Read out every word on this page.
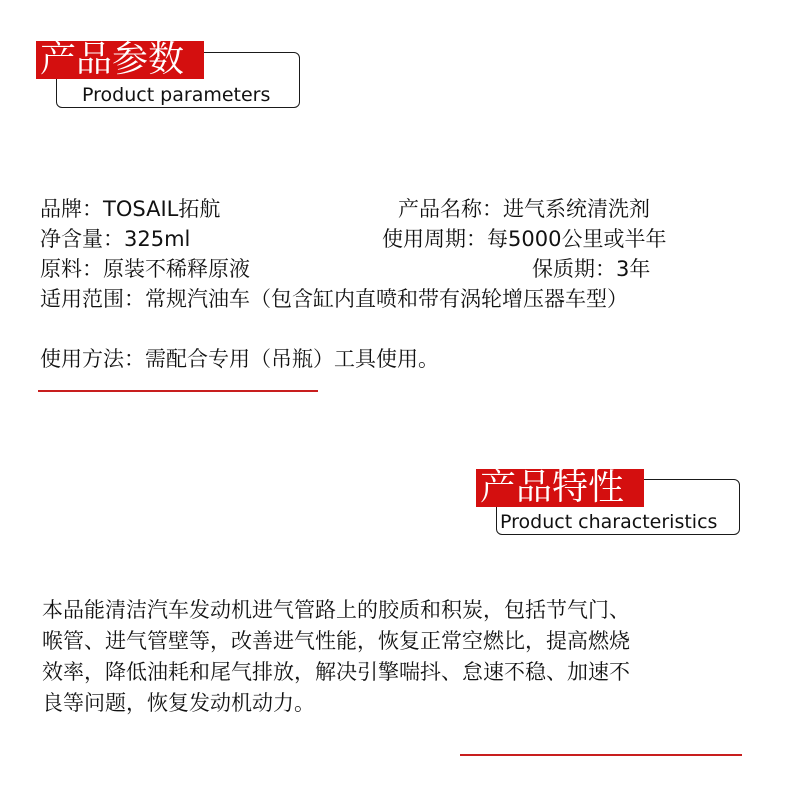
产品参数
Product parameters
品牌：TOSAIL拓航	产品名称：进气系统清洗剂
净含量：325ml	使用周期：每5000公里或半年
原料：原装不稀释原液	保质期：3年
适用范围：常规汽油车（包含缸内直喷和带有涡轮增压器车型）
使用方法：需配合专用（吊瓶）工具使用。
产品特性
Product characteristics
本品能清洁汽车发动机进气管路上的胶质和积炭，包括节气门、
喉管、进气管壁等，改善进气性能，恢复正常空燃比，提高燃烧
效率，降低油耗和尾气排放，解决引擎喘抖、怠速不稳、加速不
良等问题，恢复发动机动力。
